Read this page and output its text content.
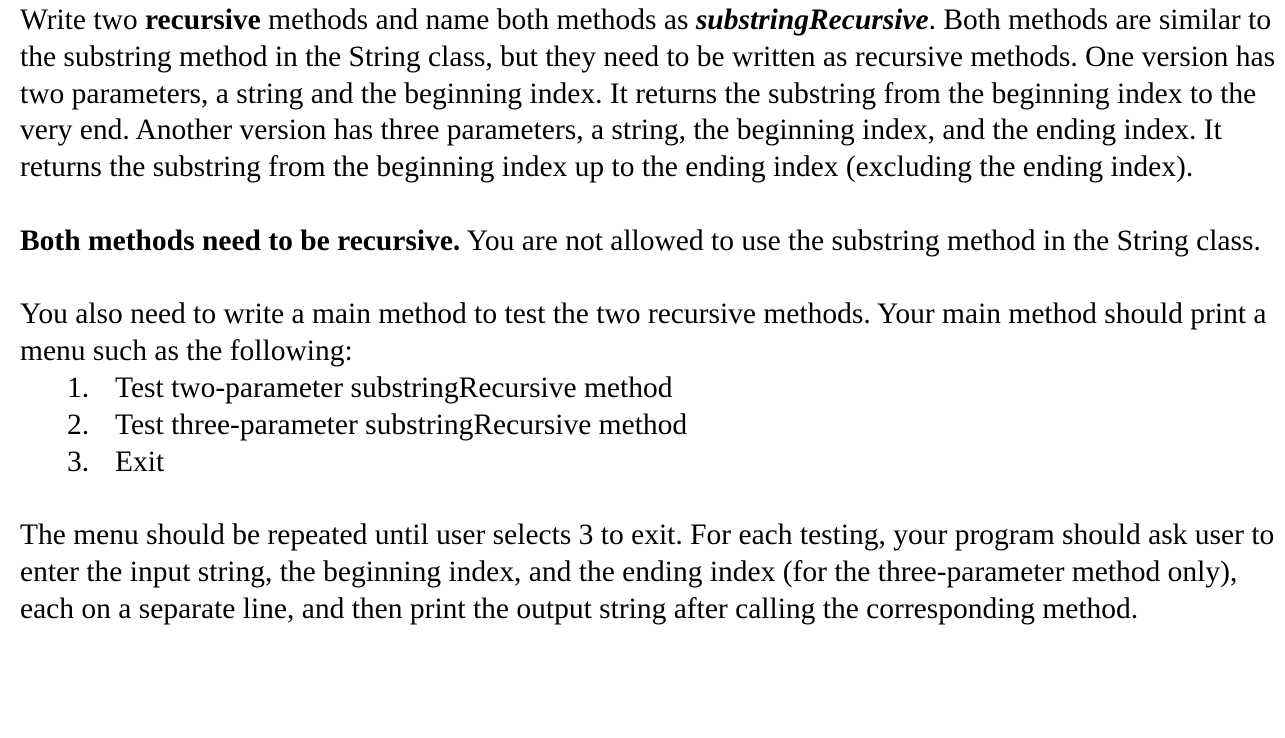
Write two recursive methods and name both methods as substringRecursive. Both methods are similar to the substring method in the String class, but they need to be written as recursive methods. One version has two parameters, a string and the beginning index. It returns the substring from the beginning index to the very end. Another version has three parameters, a string, the beginning index, and the ending index. It returns the substring from the beginning index up to the ending index (excluding the ending index).

Both methods need to be recursive. You are not allowed to use the substring method in the String class.

You also need to write a main method to test the two recursive methods. Your main method should print a menu such as the following:

1. Test two-parameter substringRecursive method
2. Test three-parameter substringRecursive method
3. Exit

The menu should be repeated until user selects 3 to exit. For each testing, your program should ask user to enter the input string, the beginning index, and the ending index (for the three-parameter method only), each on a separate line, and then print the output string after calling the corresponding method.
